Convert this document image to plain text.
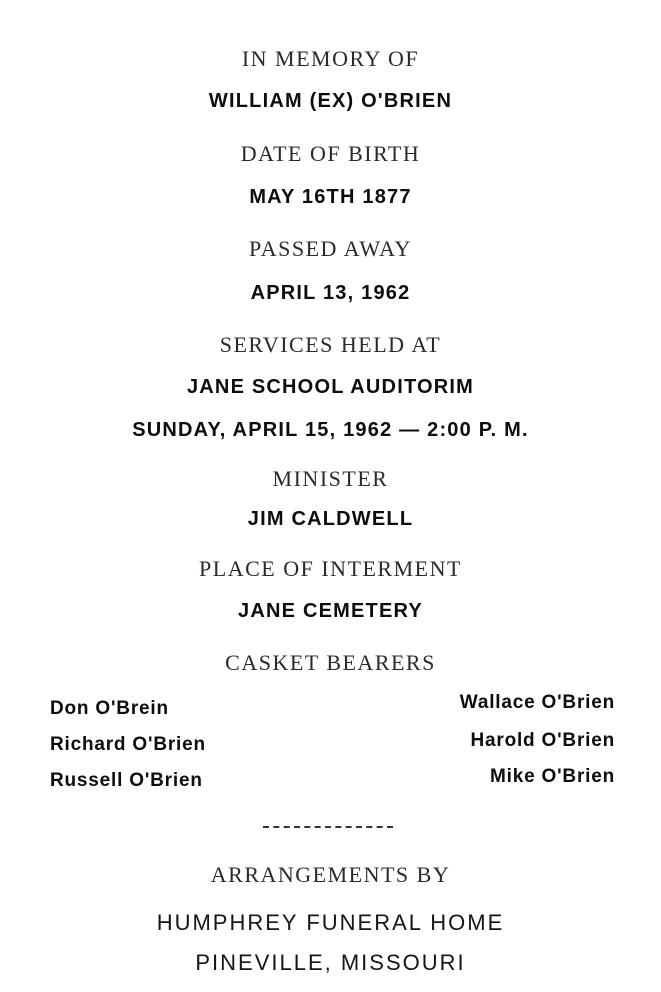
IN MEMORY OF
WILLIAM (EX) O'BRIEN
DATE OF BIRTH
MAY 16TH 1877
PASSED AWAY
APRIL 13, 1962
SERVICES HELD AT
JANE SCHOOL AUDITORIM
SUNDAY, APRIL 15, 1962 — 2:00 P. M.
MINISTER
JIM CALDWELL
PLACE OF INTERMENT
JANE CEMETERY
CASKET BEARERS
Don O'Brein
Richard O'Brien
Russell O'Brien
Wallace O'Brien
Harold O'Brien
Mike O'Brien
ARRANGEMENTS BY
HUMPHREY FUNERAL HOME
PINEVILLE, MISSOURI
